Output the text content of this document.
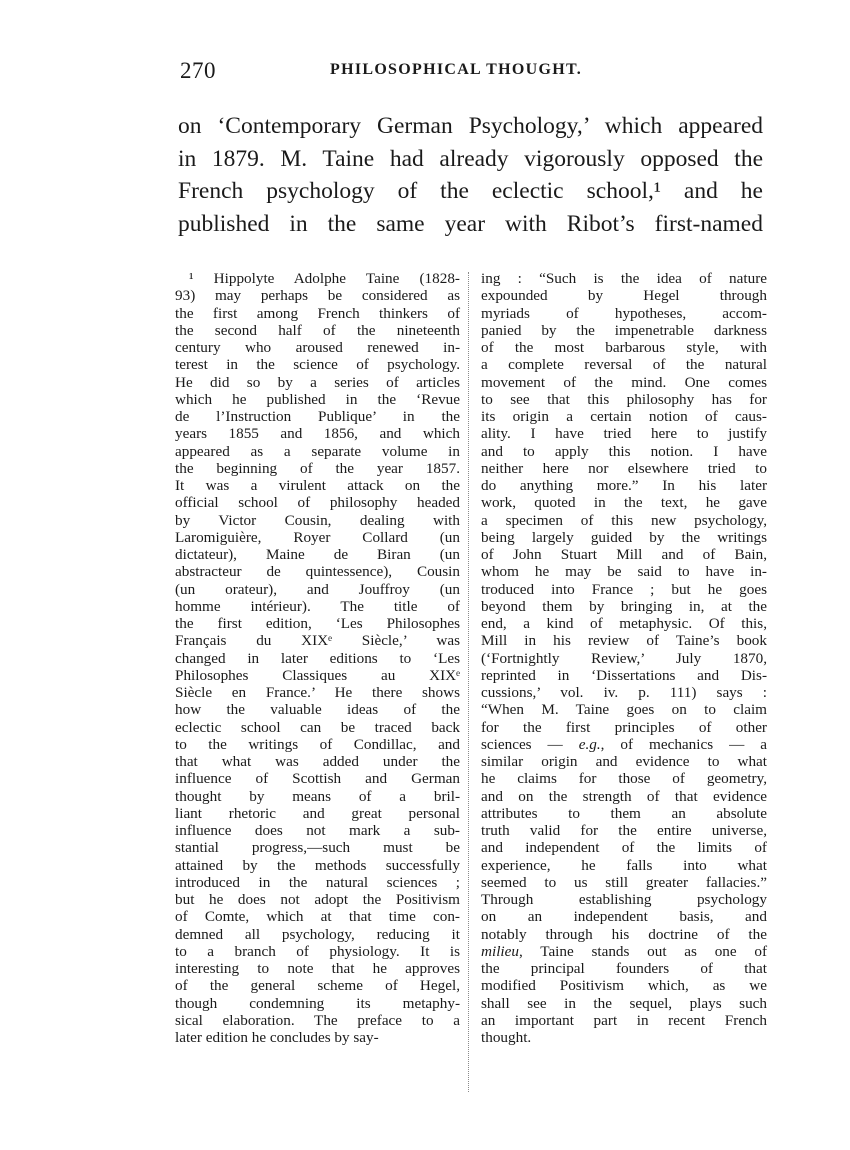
270	PHILOSOPHICAL THOUGHT.
on ‘Contemporary German Psychology,’ which appeared
in 1879. M. Taine had already vigorously opposed the
French psychology of the eclectic school,¹ and he
published in the same year with Ribot’s first-named
¹ Hippolyte Adolphe Taine (1828-
93) may perhaps be considered as
the first among French thinkers of
the second half of the nineteenth
century who aroused renewed in-
terest in the science of psychology.
He did so by a series of articles
which he published in the ‘Revue
de l’Instruction Publique’ in the
years 1855 and 1856, and which
appeared as a separate volume in
the beginning of the year 1857.
It was a virulent attack on the
official school of philosophy headed
by Victor Cousin, dealing with
Laromiguière, Royer Collard (un
dictateur), Maine de Biran (un
abstracteur de quintessence), Cousin
(un orateur), and Jouffroy (un
homme intérieur). The title of
the first edition, ‘Les Philosophes
Français du XIXᵉ Siècle,’ was
changed in later editions to ‘Les
Philosophes Classiques au XIXᵉ
Siècle en France.’ He there shows
how the valuable ideas of the
eclectic school can be traced back
to the writings of Condillac, and
that what was added under the
influence of Scottish and German
thought by means of a bril-
liant rhetoric and great personal
influence does not mark a sub-
stantial progress,—such must be
attained by the methods successfully
introduced in the natural sciences ;
but he does not adopt the Positivism
of Comte, which at that time con-
demned all psychology, reducing it
to a branch of physiology. It is
interesting to note that he approves
of the general scheme of Hegel,
though condemning its metaphy-
sical elaboration. The preface to a
later edition he concludes by say-
ing : “Such is the idea of nature
expounded by Hegel through
myriads of hypotheses, accom-
panied by the impenetrable darkness
of the most barbarous style, with
a complete reversal of the natural
movement of the mind. One comes
to see that this philosophy has for
its origin a certain notion of caus-
ality. I have tried here to justify
and to apply this notion. I have
neither here nor elsewhere tried to
do anything more.” In his later
work, quoted in the text, he gave
a specimen of this new psychology,
being largely guided by the writings
of John Stuart Mill and of Bain,
whom he may be said to have in-
troduced into France ; but he goes
beyond them by bringing in, at the
end, a kind of metaphysic. Of this,
Mill in his review of Taine’s book
(‘Fortnightly Review,’ July 1870,
reprinted in ‘Dissertations and Dis-
cussions,’ vol. iv. p. 111) says :
“When M. Taine goes on to claim
for the first principles of other
sciences — e.g., of mechanics — a
similar origin and evidence to what
he claims for those of geometry,
and on the strength of that evidence
attributes to them an absolute
truth valid for the entire universe,
and independent of the limits of
experience, he falls into what
seemed to us still greater fallacies.”
Through establishing psychology
on an independent basis, and
notably through his doctrine of the
milieu, Taine stands out as one of
the principal founders of that
modified Positivism which, as we
shall see in the sequel, plays such
an important part in recent French
thought.
